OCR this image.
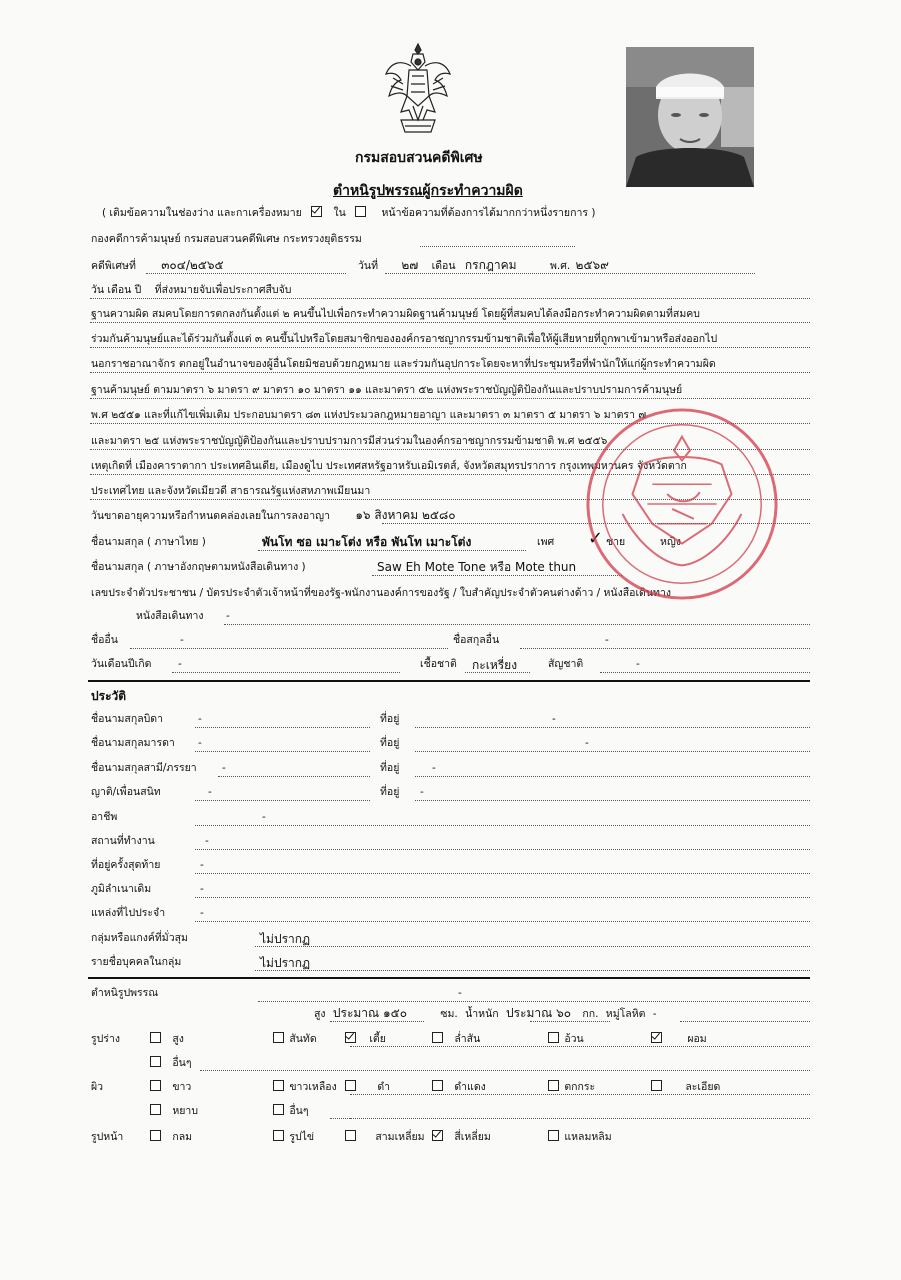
กรมสอบสวนคดีพิเศษ
ตำหนิรูปพรรณผู้กระทำความผิด
( เติมข้อความในช่องว่าง และกาเครื่องหมาย	ใน	หน้าข้อความที่ต้องการได้มากกว่าหนึ่งรายการ )
กองคดีการค้ามนุษย์ กรมสอบสวนคดีพิเศษ กระทรวงยุติธรรม
คดีพิเศษที่ ๓๐๔/๒๕๖๕	วันที่ ๒๗ เดือน กรกฎาคม	พ.ศ. ๒๕๖๙
วัน เดือน ปี ที่ส่งหมายจับเพื่อประกาศสืบจับ
ฐานความผิด สมคบโดยการตกลงกันตั้งแต่ ๒ คนขึ้นไปเพื่อกระทำความผิดฐานค้ามนุษย์ โดยผู้ที่สมคบได้ลงมือกระทำความผิดตามที่สมคบ
ร่วมกันค้ามนุษย์และได้ร่วมกันตั้งแต่ ๓ คนขึ้นไปหรือโดยสมาชิกขององค์กรอาชญากรรมข้ามชาติเพื่อให้ผู้เสียหายที่ถูกพาเข้ามาหรือส่งออกไป
นอกราชอาณาจักร ตกอยู่ในอำนาจของผู้อื่นโดยมิชอบด้วยกฎหมาย และร่วมกันอุปการะโดยจะหาที่ประชุมหรือที่พำนักให้แก่ผู้กระทำความผิด
ฐานค้ามนุษย์ ตามมาตรา ๖ มาตรา ๙ มาตรา ๑๐ มาตรา ๑๑ และมาตรา ๕๒ แห่งพระราชบัญญัติป้องกันและปราบปรามการค้ามนุษย์
พ.ศ ๒๕๕๑ และที่แก้ไขเพิ่มเติม ประกอบมาตรา ๘๓ แห่งประมวลกฎหมายอาญา และมาตรา ๓ มาตรา ๕ มาตรา ๖ มาตรา ๗
และมาตรา ๒๕ แห่งพระราชบัญญัติป้องกันและปราบปรามการมีส่วนร่วมในองค์กรอาชญากรรมข้ามชาติ พ.ศ ๒๕๕๖
เหตุเกิดที่ เมืองคาราตากา ประเทศอินเดีย, เมืองดูไบ ประเทศสหรัฐอาหรับเอมิเรตส์, จังหวัดสมุทรปราการ กรุงเทพมหานคร จังหวัดตาก
ประเทศไทย และจังหวัดเมียวดี สาธารณรัฐแห่งสหภาพเมียนมา
วันขาดอายุความหรือกำหนดคล่องเลยในการลงอาญา ๑๖ สิงหาคม ๒๕๘๐
ชื่อนามสกุล ( ภาษาไทย )	พันโท ซอ เมาะโต่ง หรือ พันโท เมาะโต่ง	เพศ ✓ ชาย	หญิง
ชื่อนามสกุล ( ภาษาอังกฤษตามหนังสือเดินทาง )	Saw Eh Mote Tone หรือ Mote thun
เลขประจำตัวประชาชน / บัตรประจำตัวเจ้าหน้าที่ของรัฐ-พนักงานองค์การของรัฐ / ใบสำคัญประจำตัวคนต่างด้าว / หนังสือเดินทาง
หนังสือเดินทาง -
ชื่ออื่น	-	ชื่อสกุลอื่น	-
วันเดือนปีเกิด	-	เชื้อชาติ กะเหรี่ยง	สัญชาติ	-
ประวัติ
ชื่อนามสกุลบิดา	-	ที่อยู่	-
ชื่อนามสกุลมารดา -	ที่อยู่	-
ชื่อนามสกุลสามี/ภรรยา -	ที่อยู่	-
ญาติ/เพื่อนสนิท	-	ที่อยู่ -
อาชีพ	-
สถานที่ทำงาน	-
ที่อยู่ครั้งสุดท้าย	-
ภูมิลำเนาเดิม	-
แหล่งที่ไปประจำ	-
กลุ่มหรือแกงค์ที่มั่วสุม	ไม่ปรากฏ
รายชื่อบุคคลในกลุ่ม	ไม่ปรากฏ
ตำหนิรูปพรรณ	-
สูง ประมาณ ๑๕๐	ซม. น้ำหนัก ประมาณ ๖๐ กก. หมู่โลหิต -
รูปร่าง	สูง	สันทัด	เตี้ย	ล่ำสัน	อ้วน	ผอม
อื่นๆ
ผิว	ขาว	ขาวเหลือง	ดำ	ดำแดง	ตกกระ	ละเอียด
หยาบ	อื่นๆ
รูปหน้า	กลม	รูปไข่	สามเหลี่ยม	สี่เหลี่ยม	แหลมหลิม
